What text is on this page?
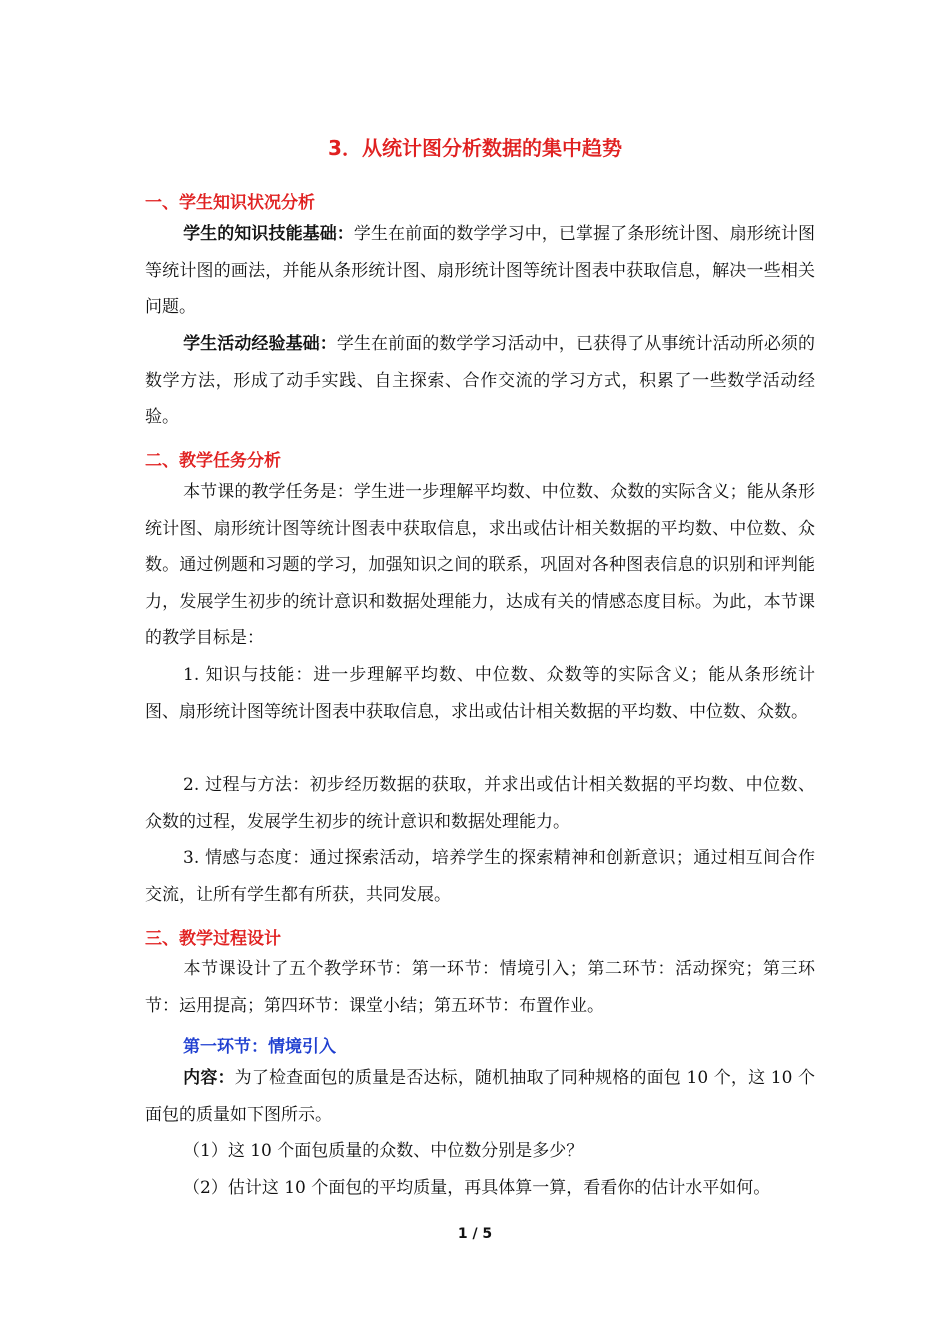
3．从统计图分析数据的集中趋势
一、学生知识状况分析
学生的知识技能基础：学生在前面的数学学习中，已掌握了条形统计图、扇形统计图等统计图的画法，并能从条形统计图、扇形统计图等统计图表中获取信息，解决一些相关问题。
学生活动经验基础：学生在前面的数学学习活动中，已获得了从事统计活动所必须的数学方法，形成了动手实践、自主探索、合作交流的学习方式，积累了一些数学活动经验。
二、教学任务分析
本节课的教学任务是：学生进一步理解平均数、中位数、众数的实际含义；能从条形统计图、扇形统计图等统计图表中获取信息，求出或估计相关数据的平均数、中位数、众数。通过例题和习题的学习，加强知识之间的联系，巩固对各种图表信息的识别和评判能力，发展学生初步的统计意识和数据处理能力，达成有关的情感态度目标。为此，本节课的教学目标是：
1. 知识与技能：进一步理解平均数、中位数、众数等的实际含义；能从条形统计图、扇形统计图等统计图表中获取信息，求出或估计相关数据的平均数、中位数、众数。
2. 过程与方法：初步经历数据的获取，并求出或估计相关数据的平均数、中位数、众数的过程，发展学生初步的统计意识和数据处理能力。
3. 情感与态度：通过探索活动，培养学生的探索精神和创新意识；通过相互间合作交流，让所有学生都有所获，共同发展。
三、教学过程设计
本节课设计了五个教学环节：第一环节：情境引入；第二环节：活动探究；第三环节：运用提高；第四环节：课堂小结；第五环节：布置作业。
第一环节：情境引入
内容：为了检查面包的质量是否达标，随机抽取了同种规格的面包 10 个，这 10 个面包的质量如下图所示。
（1）这 10 个面包质量的众数、中位数分别是多少？
（2）估计这 10 个面包的平均质量，再具体算一算，看看你的估计水平如何。
1 / 5
